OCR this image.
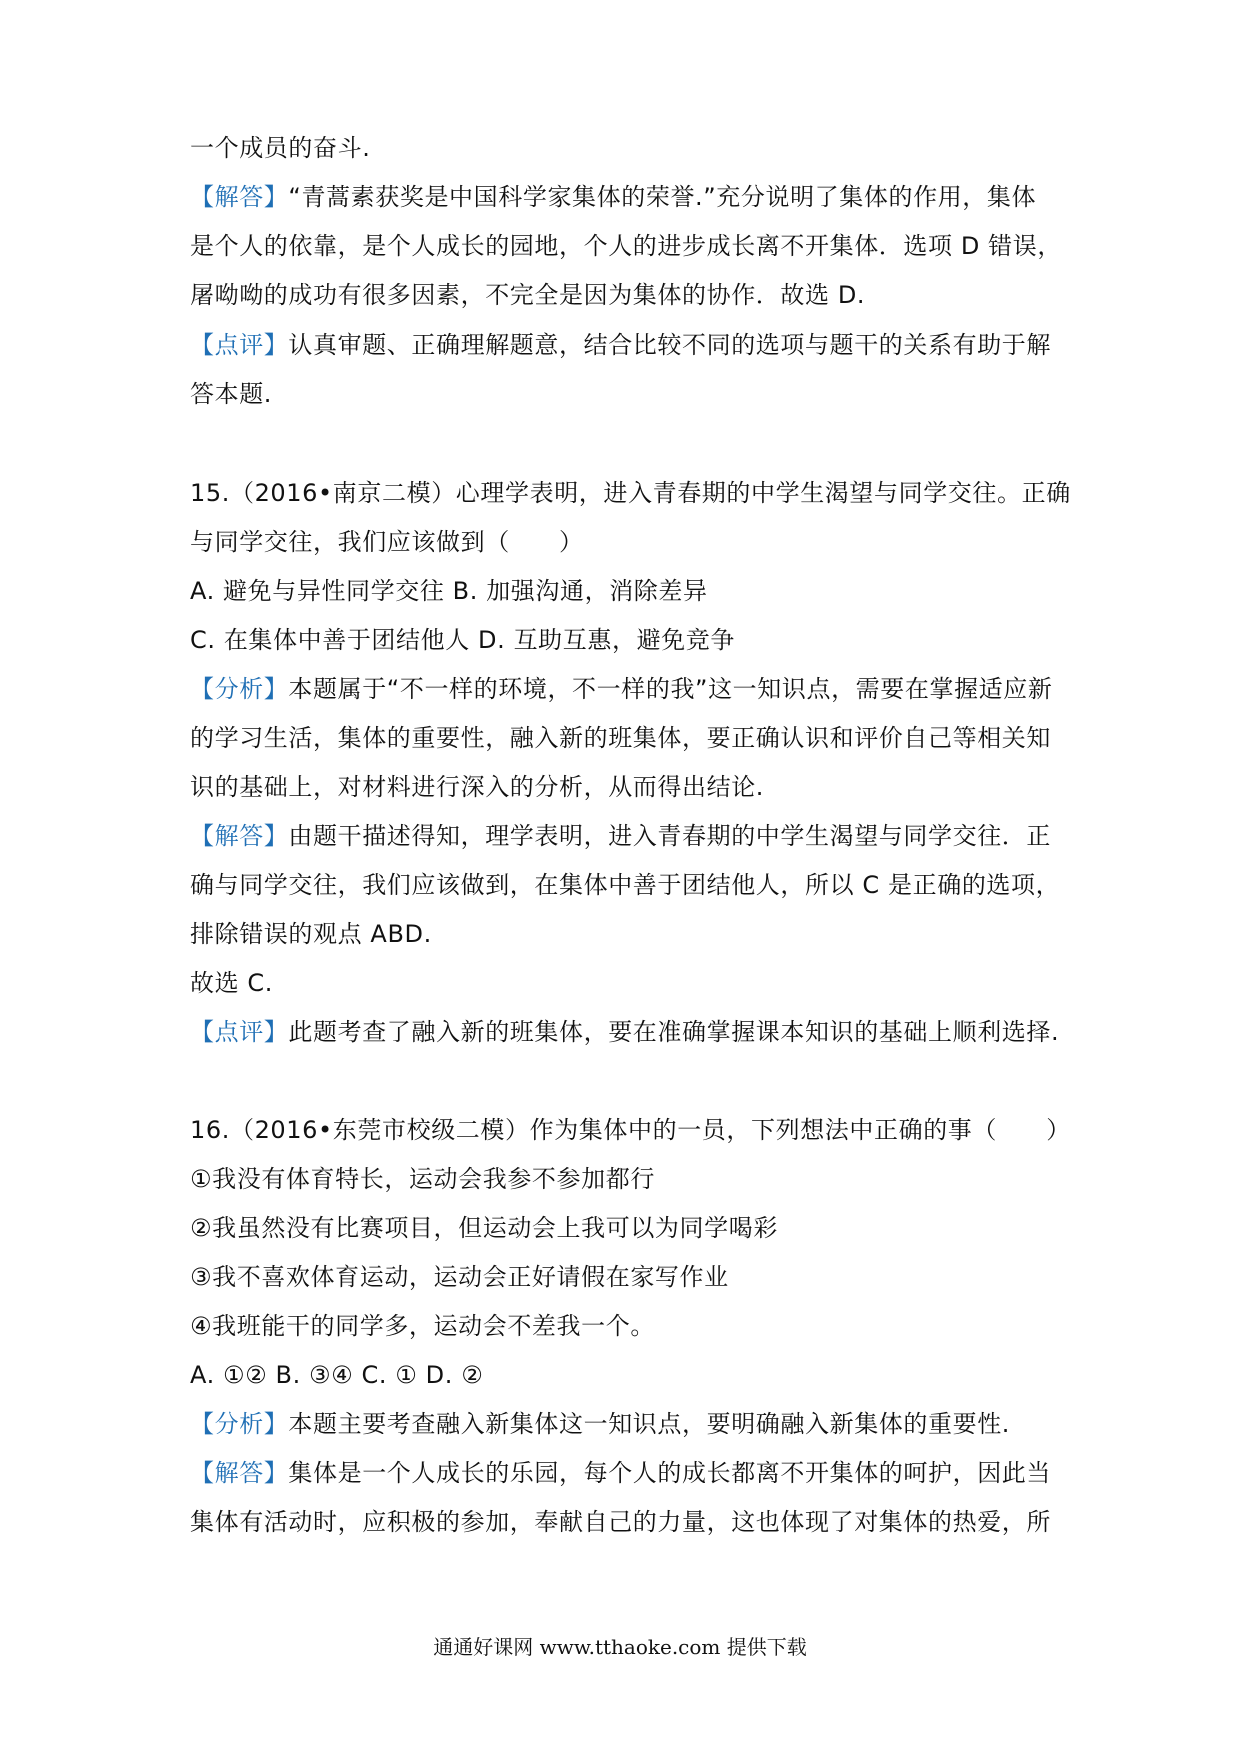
一个成员的奋斗.
【解答】“青蒿素获奖是中国科学家集体的荣誉.”充分说明了集体的作用，集体
是个人的依靠，是个人成长的园地，个人的进步成长离不开集体．选项 D 错误，
屠呦呦的成功有很多因素，不完全是因为集体的协作．故选 D.
【点评】认真审题、正确理解题意，结合比较不同的选项与题干的关系有助于解
答本题.
15.（2016•南京二模）心理学表明，进入青春期的中学生渴望与同学交往。正确
与同学交往，我们应该做到（　　）
A. 避免与异性同学交往 B. 加强沟通，消除差异
C. 在集体中善于团结他人 D. 互助互惠，避免竞争
【分析】本题属于“不一样的环境，不一样的我”这一知识点，需要在掌握适应新
的学习生活，集体的重要性，融入新的班集体，要正确认识和评价自己等相关知
识的基础上，对材料进行深入的分析，从而得出结论.
【解答】由题干描述得知，理学表明，进入青春期的中学生渴望与同学交往．正
确与同学交往，我们应该做到，在集体中善于团结他人，所以 C 是正确的选项，
排除错误的观点 ABD.
故选 C.
【点评】此题考查了融入新的班集体，要在准确掌握课本知识的基础上顺利选择.
16.（2016•东莞市校级二模）作为集体中的一员，下列想法中正确的事（　　）
①我没有体育特长，运动会我参不参加都行
②我虽然没有比赛项目，但运动会上我可以为同学喝彩
③我不喜欢体育运动，运动会正好请假在家写作业
④我班能干的同学多，运动会不差我一个。
A. ①② B. ③④ C. ① D. ②
【分析】本题主要考查融入新集体这一知识点，要明确融入新集体的重要性.
【解答】集体是一个人成长的乐园，每个人的成长都离不开集体的呵护，因此当
集体有活动时，应积极的参加，奉献自己的力量，这也体现了对集体的热爱，所
通通好课网 www.tthaoke.com 提供下载
